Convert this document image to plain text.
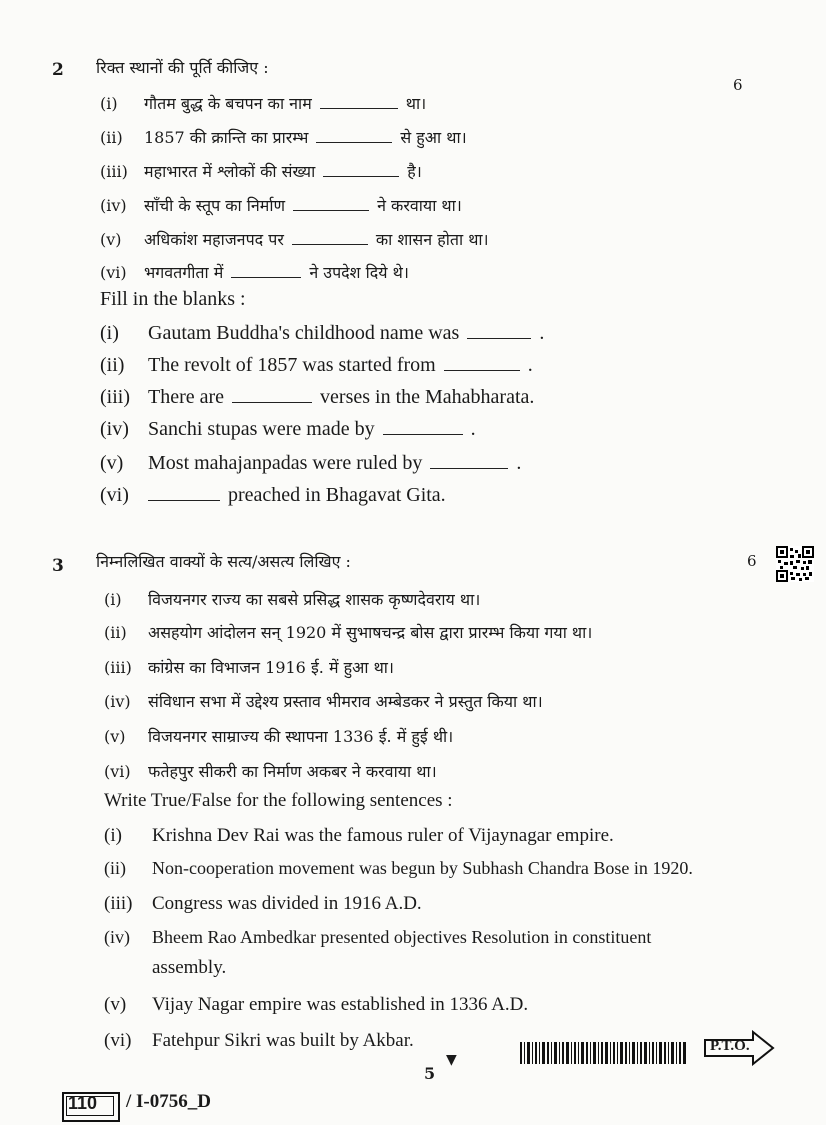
2 रिक्त स्थानों की पूर्ति कीजिए :
6
(i)	गौतम बुद्ध के बचपन का नाम	था।
(ii)	1857 की क्रान्ति का प्रारम्भ	से हुआ था।
(iii)	महाभारत में श्लोकों की संख्या	है।
(iv)	साँची के स्तूप का निर्माण	ने करवाया था।
(v)	अधिकांश महाजनपद पर	का शासन होता था।
(vi)	भगवतगीता में	ने उपदेश दिये थे।
Fill in the blanks :
(i)	Gautam Buddha's childhood name was	.
(ii)	The revolt of 1857 was started from	.
(iii) There are	verses in the Mahabharata.
(iv) Sanchi stupas were made by	.
(v)	Most mahajanpadas were ruled by	.
(vi)	preached in Bhagavat Gita.
3 निम्नलिखित वाक्यों के सत्य/असत्य लिखिए :	6
(i)	विजयनगर राज्य का सबसे प्रसिद्ध शासक कृष्णदेवराय था।
(ii)	असहयोग आंदोलन सन् 1920 में सुभाषचन्द्र बोस द्वारा प्रारम्भ किया गया था।
(iii)	कांग्रेस का विभाजन 1916 ई. में हुआ था।
(iv)	संविधान सभा में उद्देश्य प्रस्ताव भीमराव अम्बेडकर ने प्रस्तुत किया था।
(v)	विजयनगर साम्राज्य की स्थापना 1336 ई. में हुई थी।
(vi)	फतेहपुर सीकरी का निर्माण अकबर ने करवाया था।
Write True/False for the following sentences :
(i)	Krishna Dev Rai was the famous ruler of Vijaynagar empire.
(ii)	Non-cooperation movement was begun by Subhash Chandra Bose in 1920.
(iii)	Congress was divided in 1916 A.D.
(iv)	Bheem Rao Ambedkar presented objectives Resolution in constituent
assembly.
(v)	Vijay Nagar empire was established in 1336 A.D.
(vi)	Fatehpur Sikri was built by Akbar.
5
▼
P.T.O.
110 / I-0756_D
